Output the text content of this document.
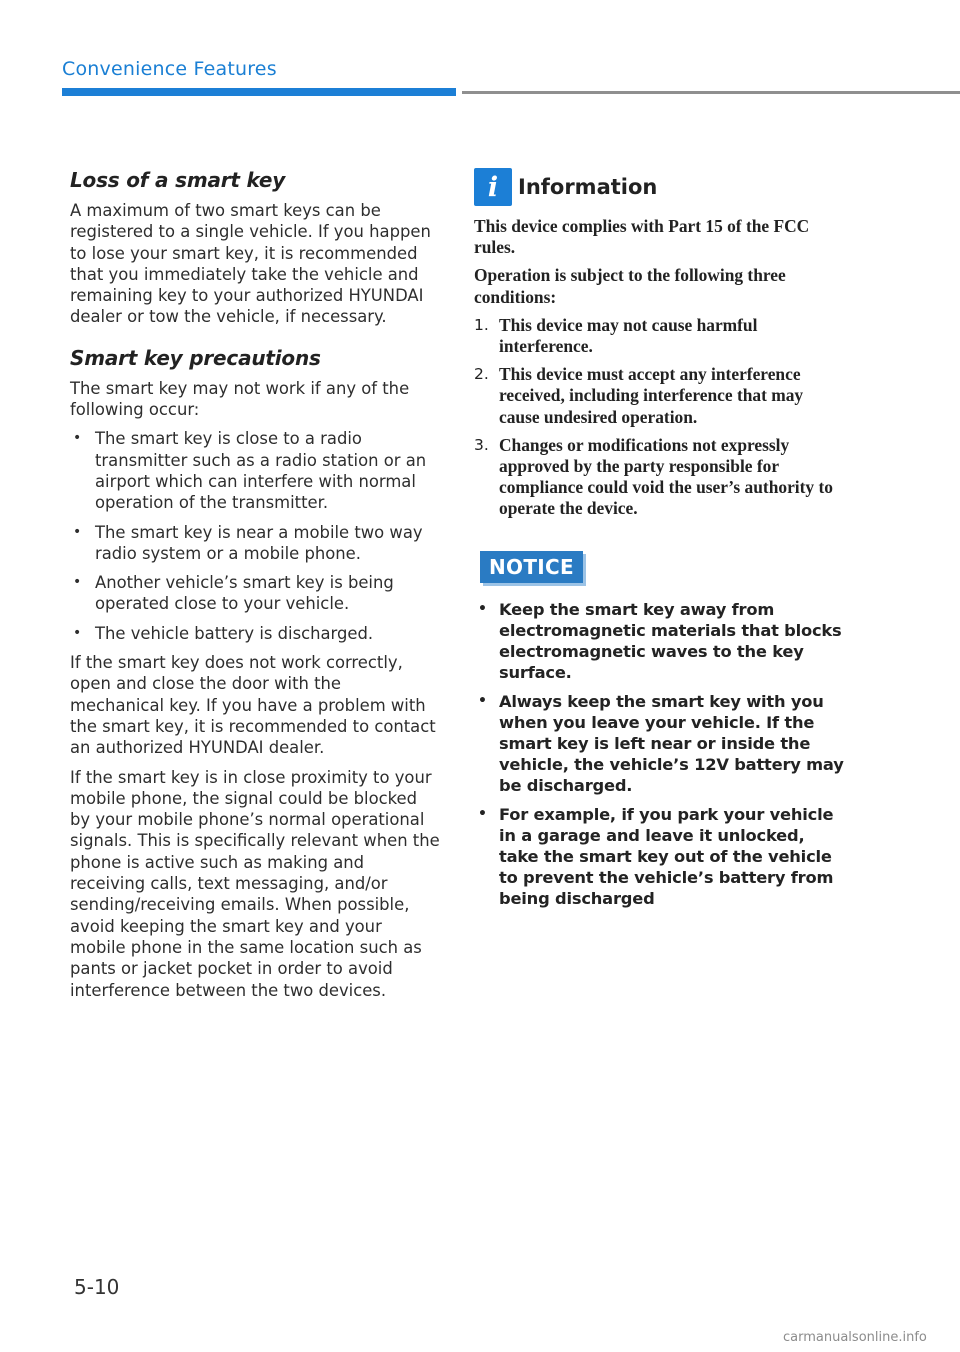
Convenience Features
Loss of a smart key

A maximum of two smart keys can be registered to a single vehicle. If you happen to lose your smart key, it is recommended that you immediately take the vehicle and remaining key to your authorized HYUNDAI dealer or tow the vehicle, if necessary.

Smart key precautions

The smart key may not work if any of the following occur:

• The smart key is close to a radio transmitter such as a radio station or an airport which can interfere with normal operation of the transmitter.
• The smart key is near a mobile two way radio system or a mobile phone.
• Another vehicle’s smart key is being operated close to your vehicle.
• The vehicle battery is discharged.

If the smart key does not work correctly, open and close the door with the mechanical key. If you have a problem with the smart key, it is recommended to contact an authorized HYUNDAI dealer.

If the smart key is in close proximity to your mobile phone, the signal could be blocked by your mobile phone’s normal operational signals. This is specifically relevant when the phone is active such as making and receiving calls, text messaging, and/or sending/receiving emails. When possible, avoid keeping the smart key and your mobile phone in the same location such as pants or jacket pocket in order to avoid interference between the two devices.

i Information

This device complies with Part 15 of the FCC rules.

Operation is subject to the following three conditions:

1. This device may not cause harmful interference.
2. This device must accept any interference received, including interference that may cause undesired operation.
3. Changes or modifications not expressly approved by the party responsible for compliance could void the user’s authority to operate the device.
NOTICE
• Keep the smart key away from electromagnetic materials that blocks electromagnetic waves to the key surface.
• Always keep the smart key with you when you leave your vehicle. If the smart key is left near or inside the vehicle, the vehicle’s 12V battery may be discharged.
• For example, if you park your vehicle in a garage and leave it unlocked, take the smart key out of the vehicle to prevent the vehicle’s battery from being discharged
5-10
carmanualsonline.info
